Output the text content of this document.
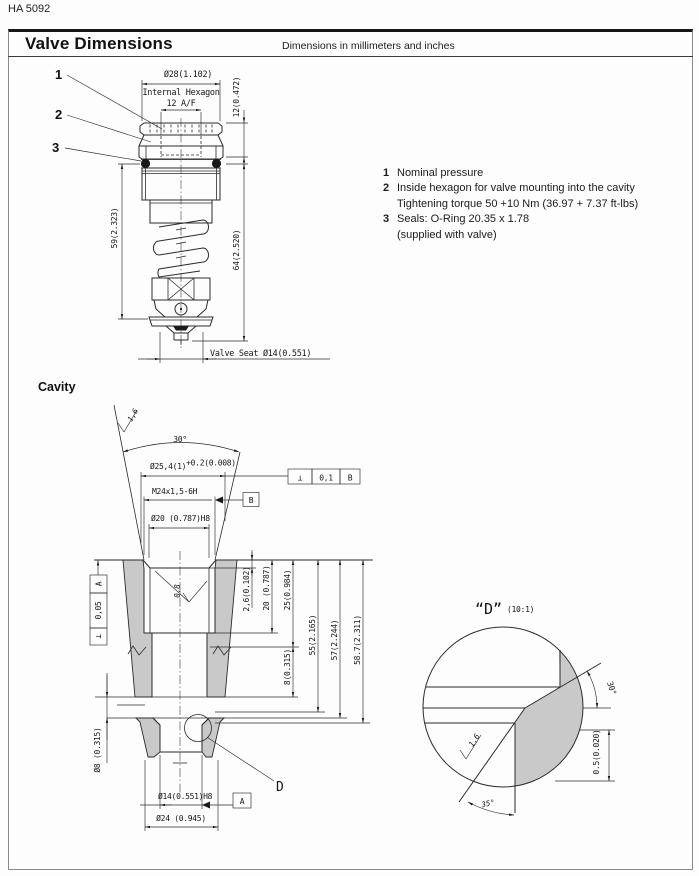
HA 5092
Valve Dimensions	Dimensions in millimeters and inches
1
2
3
Ø28(1.102)
Internal Hexagon
12 A/F	12(0.472)
59(2.323)
64(2.520)
Valve Seat Ø14(0.551)
1 Nominal pressure
2 Inside hexagon for valve mounting into the cavity
Tightening torque 50 +10 Nm (36.97 + 7.37 ft-lbs)
3 Seals: O-Ring 20.35 x 1.78
(supplied with valve)
Cavity
1,6
30°
Ø25,4(1)+0.2(0.008)
⊥ 0,1 B
M24x1,5-6H
B
Ø20 (0.787)H8
A
0,05
⊥
0,8	2,6(0.102) 20 (0.787) 25(0.984)
8(0.315)
55(2.165) 57(2.244) 58.7(2.311)
Ø8 (0.315)
D
Ø14(0.551)H8
A
Ø24 (0.945)
“D” (10:1)
30°
0.5(0.020)
1,6
35°
